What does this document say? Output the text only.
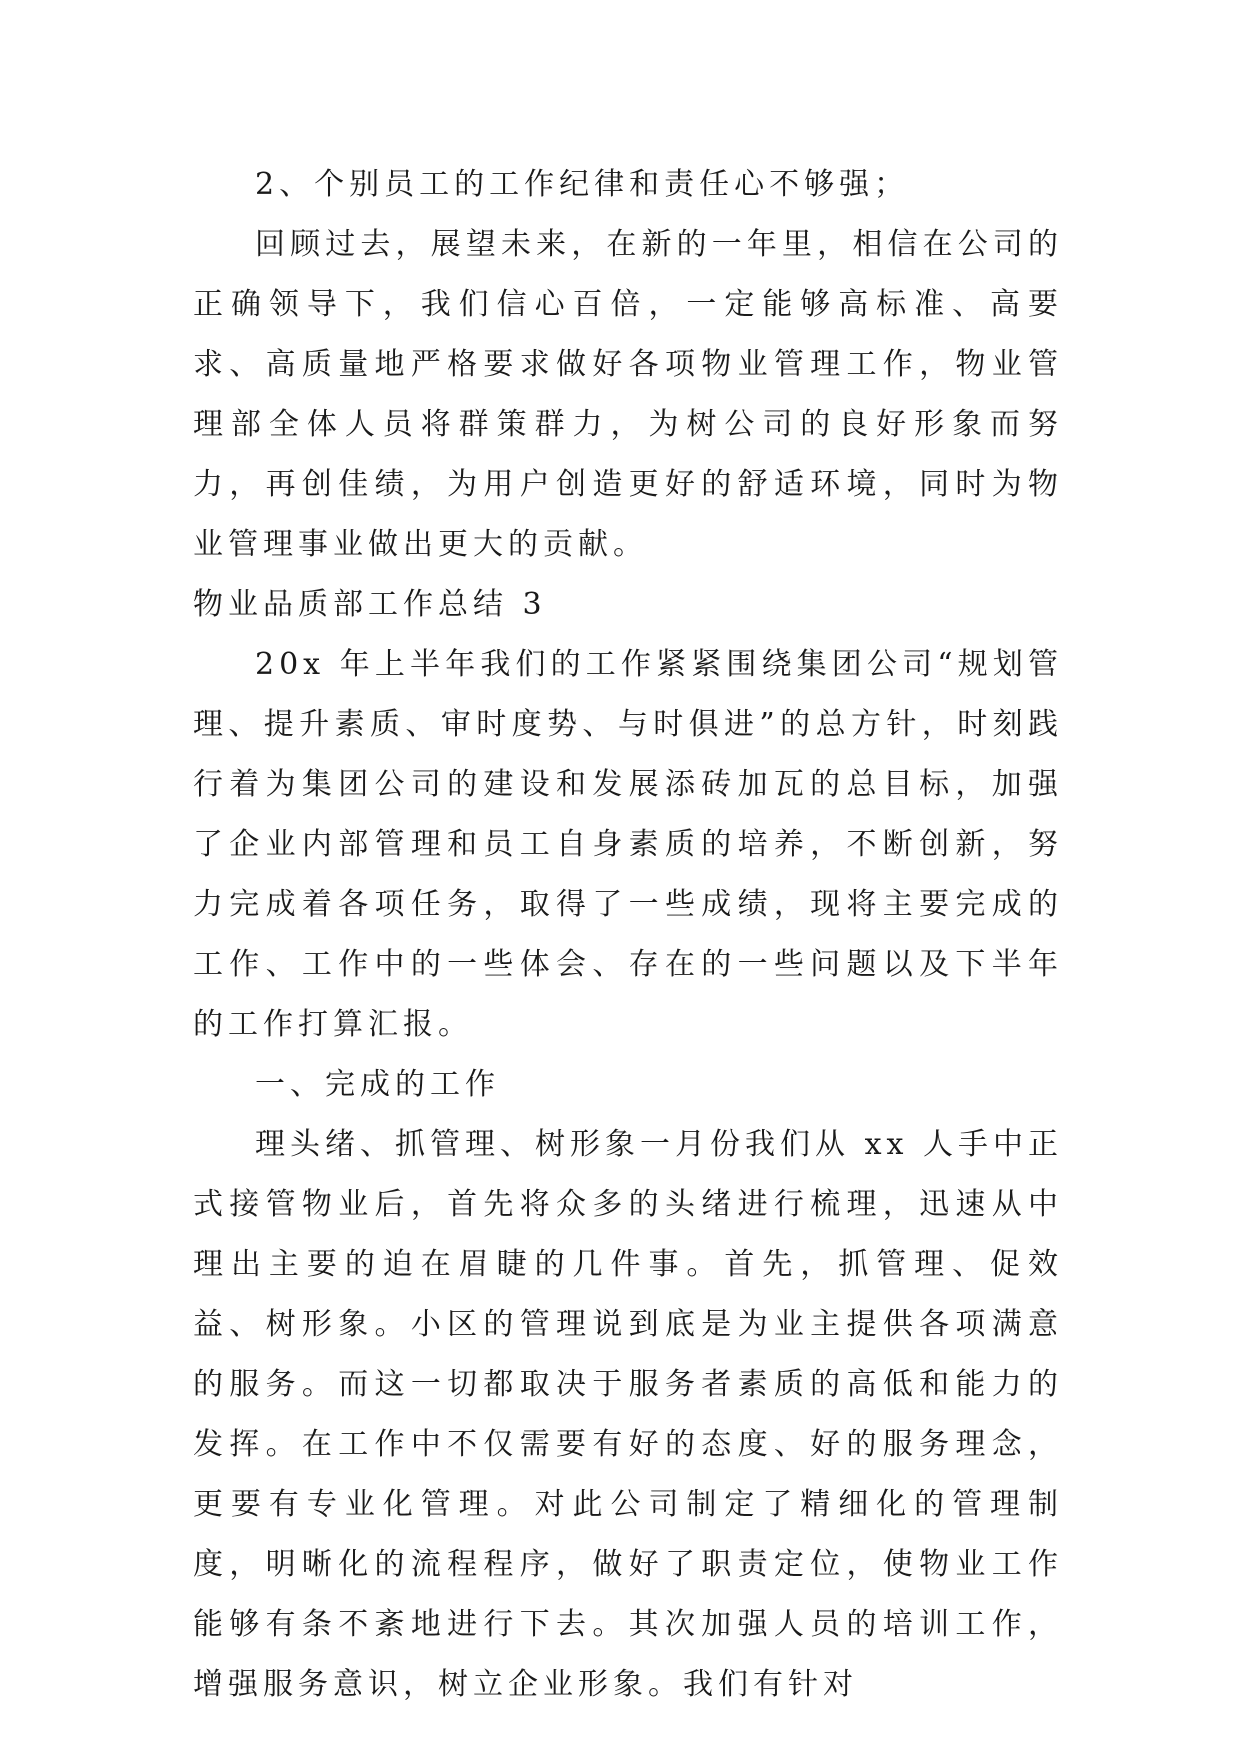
2、个别员工的工作纪律和责任心不够强；

回顾过去，展望未来，在新的一年里，相信在公司的正确领导下，我们信心百倍，一定能够高标准、高要求、高质量地严格要求做好各项物业管理工作，物业管理部全体人员将群策群力，为树公司的良好形象而努力，再创佳绩，为用户创造更好的舒适环境，同时为物业管理事业做出更大的贡献。

物业品质部工作总结 3

20x 年上半年我们的工作紧紧围绕集团公司“规划管理、提升素质、审时度势、与时俱进”的总方针，时刻践行着为集团公司的建设和发展添砖加瓦的总目标，加强了企业内部管理和员工自身素质的培养，不断创新，努力完成着各项任务，取得了一些成绩，现将主要完成的工作、工作中的一些体会、存在的一些问题以及下半年的工作打算汇报。

一、完成的工作

理头绪、抓管理、树形象一月份我们从 xx 人手中正式接管物业后，首先将众多的头绪进行梳理，迅速从中理出主要的迫在眉睫的几件事。首先，抓管理、促效益、树形象。小区的管理说到底是为业主提供各项满意的服务。而这一切都取决于服务者素质的高低和能力的发挥。在工作中不仅需要有好的态度、好的服务理念，更要有专业化管理。对此公司制定了精细化的管理制度，明晰化的流程程序，做好了职责定位，使物业工作能够有条不紊地进行下去。其次加强人员的培训工作，增强服务意识，树立企业形象。我们有针对
